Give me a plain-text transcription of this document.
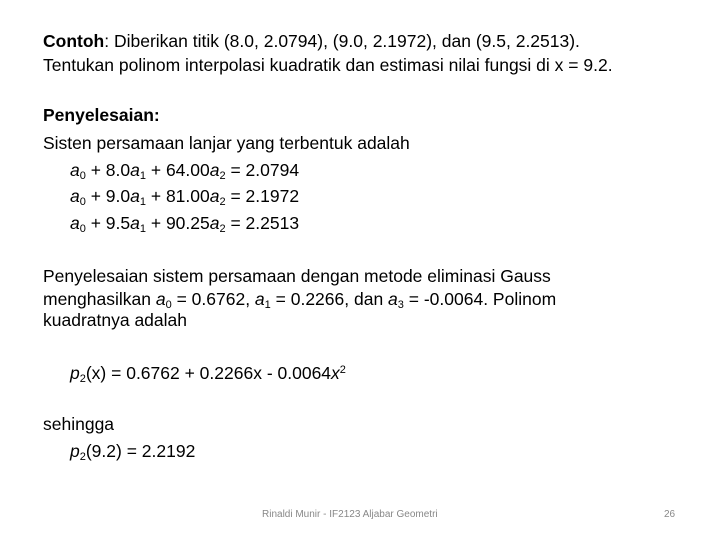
Contoh: Diberikan titik (8.0, 2.0794), (9.0, 2.1972), dan (9.5, 2.2513).
Tentukan polinom interpolasi kuadratik dan estimasi nilai fungsi di x = 9.2.
Penyelesaian:
Sisten persamaan lanjar yang terbentuk adalah
$a_0 + 8.0a_1 + 64.00a_2 = 2.0794$
$a_0 + 9.0a_1 + 81.00a_2 = 2.1972$
$a_0 + 9.5a_1 + 90.25a_2 = 2.2513$
Penyelesaian sistem persamaan dengan metode eliminasi Gauss
menghasilkan $a_0 = 0.6762$, $a_1 = 0.2266$, dan $a_3 = -0.0064$. Polinom
kuadratnya adalah
$p_2(x) = 0.6762 + 0.2266x - 0.0064x^2$
sehingga
$p_2(9.2) = 2.2192$
Rinaldi Munir - IF2123 Aljabar Geometri	26
